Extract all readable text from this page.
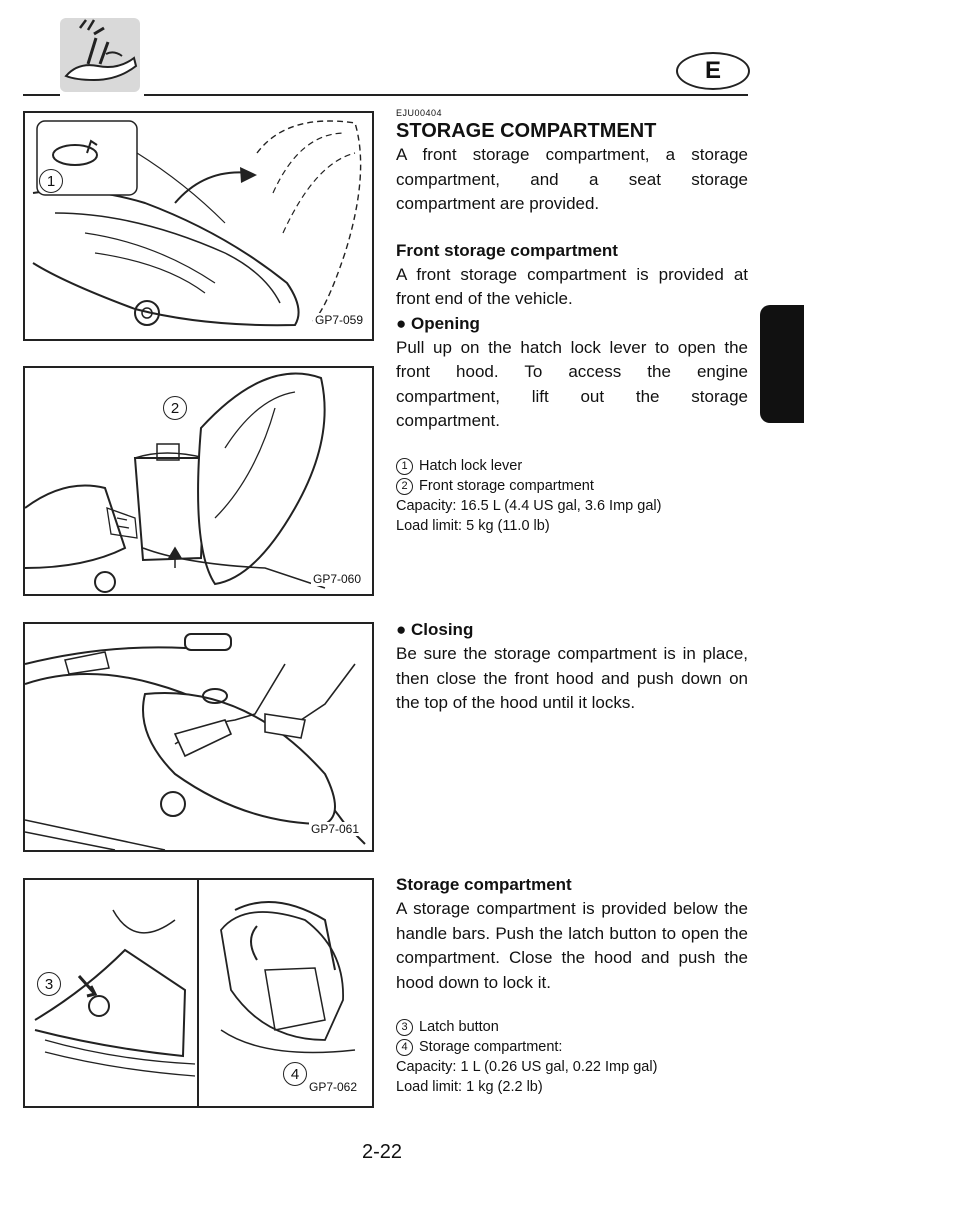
E
1
GP7-059
2
GP7-060
GP7-061
3
4
GP7-062
EJU00404
STORAGE COMPARTMENT

A front storage compartment, a storage compartment, and a seat storage compartment are provided.

Front storage compartment

A front storage compartment is provided at front end of the vehicle.

● Opening

Pull up on the hatch lock lever to open the front hood. To access the engine compartment, lift out the storage compartment.

1 Hatch lock lever

2 Front storage compartment

Capacity: 16.5 L (4.4 US gal, 3.6 Imp gal)

Load limit: 5 kg (11.0 lb)

● Closing

Be sure the storage compartment is in place, then close the front hood and push down on the top of the hood until it locks.

Storage compartment

A storage compartment is provided below the handle bars. Push the latch button to open the compartment. Close the hood and push the hood down to lock it.

3 Latch button

4 Storage compartment:

Capacity: 1 L (0.26 US gal, 0.22 Imp gal)

Load limit: 1 kg (2.2 lb)

2-22
